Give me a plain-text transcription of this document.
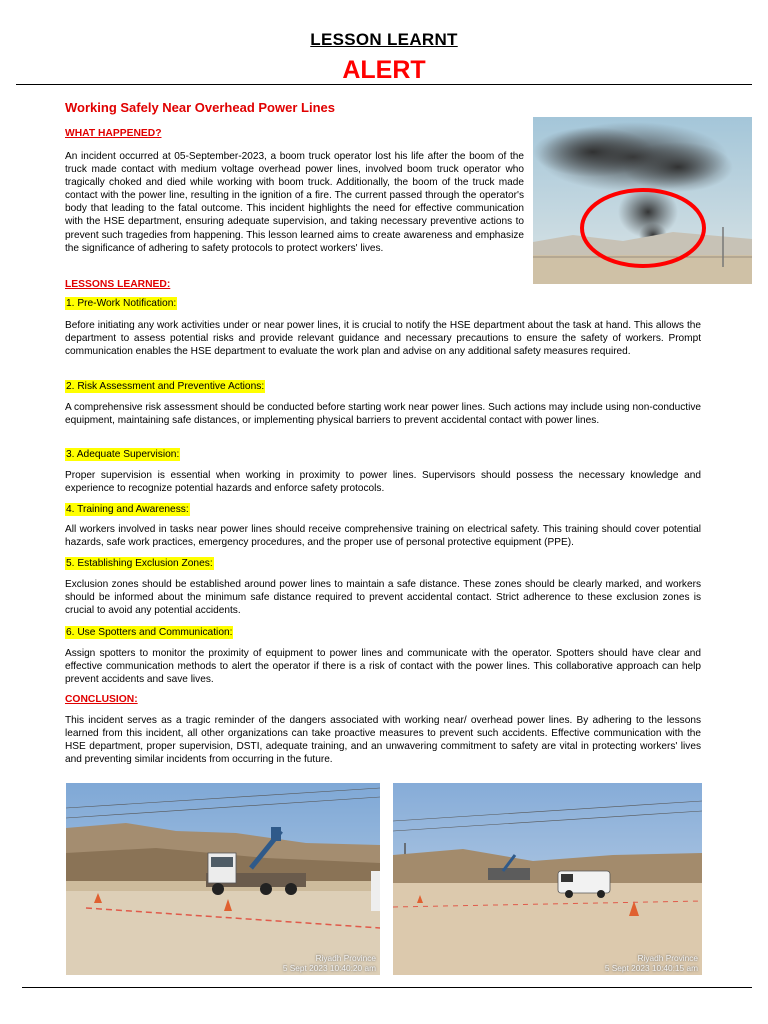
LESSON LEARNT
ALERT
Working Safely Near Overhead Power Lines
WHAT HAPPENED?
An incident occurred at 05-September-2023, a boom truck operator lost his life after the boom of the truck made contact with medium voltage overhead power lines, involved boom truck operator who tragically choked and died while working with boom truck. Additionally, the boom of the truck made contact with the power line, resulting in the ignition of a fire. The current passed through the operator's body that leading to the fatal outcome. This incident highlights the need for effective communication with the HSE department, ensuring adequate supervision, and taking necessary preventive actions to prevent such tragedies from happening. This lesson learned aims to create awareness and emphasize the significance of adhering to safety protocols to protect workers' lives.
LESSONS LEARNED:
1. Pre-Work Notification:
Before initiating any work activities under or near power lines, it is crucial to notify the HSE department about the task at hand. This allows the department to assess potential risks and provide relevant guidance and necessary precautions to ensure the safety of workers. Prompt communication enables the HSE department to evaluate the work plan and advise on any additional safety measures required.
2. Risk Assessment and Preventive Actions:
A comprehensive risk assessment should be conducted before starting work near power lines. Such actions may include using non-conductive equipment, maintaining safe distances, or implementing physical barriers to prevent accidental contact with power lines.
3. Adequate Supervision:
Proper supervision is essential when working in proximity to power lines. Supervisors should possess the necessary knowledge and experience to recognize potential hazards and enforce safety protocols.
4. Training and Awareness:
All workers involved in tasks near power lines should receive comprehensive training on electrical safety. This training should cover potential hazards, safe work practices, emergency procedures, and the proper use of personal protective equipment (PPE).
5. Establishing Exclusion Zones:
Exclusion zones should be established around power lines to maintain a safe distance. These zones should be clearly marked, and workers should be informed about the minimum safe distance required to prevent accidental contact. Strict adherence to these exclusion zones is crucial to avoid any potential accidents.
6. Use Spotters and Communication:
Assign spotters to monitor the proximity of equipment to power lines and communicate with the operator. Spotters should have clear and effective communication methods to alert the operator if there is a risk of contact with the power lines. This collaborative approach can help prevent accidents and save lives.
CONCLUSION:
This incident serves as a tragic reminder of the dangers associated with working near/ overhead power lines. By adhering to the lessons learned from this incident, all other organizations can take proactive measures to prevent such accidents. Effective communication with the HSE department, proper supervision, DSTI, adequate training, and an unwavering commitment to safety are vital in protecting workers' lives and preventing similar incidents from occurring in the future.
Riyadh Province
5 Sept 2023 10:40:20 am
Riyadh Province
5 Sept 2023 10:40:15 am
